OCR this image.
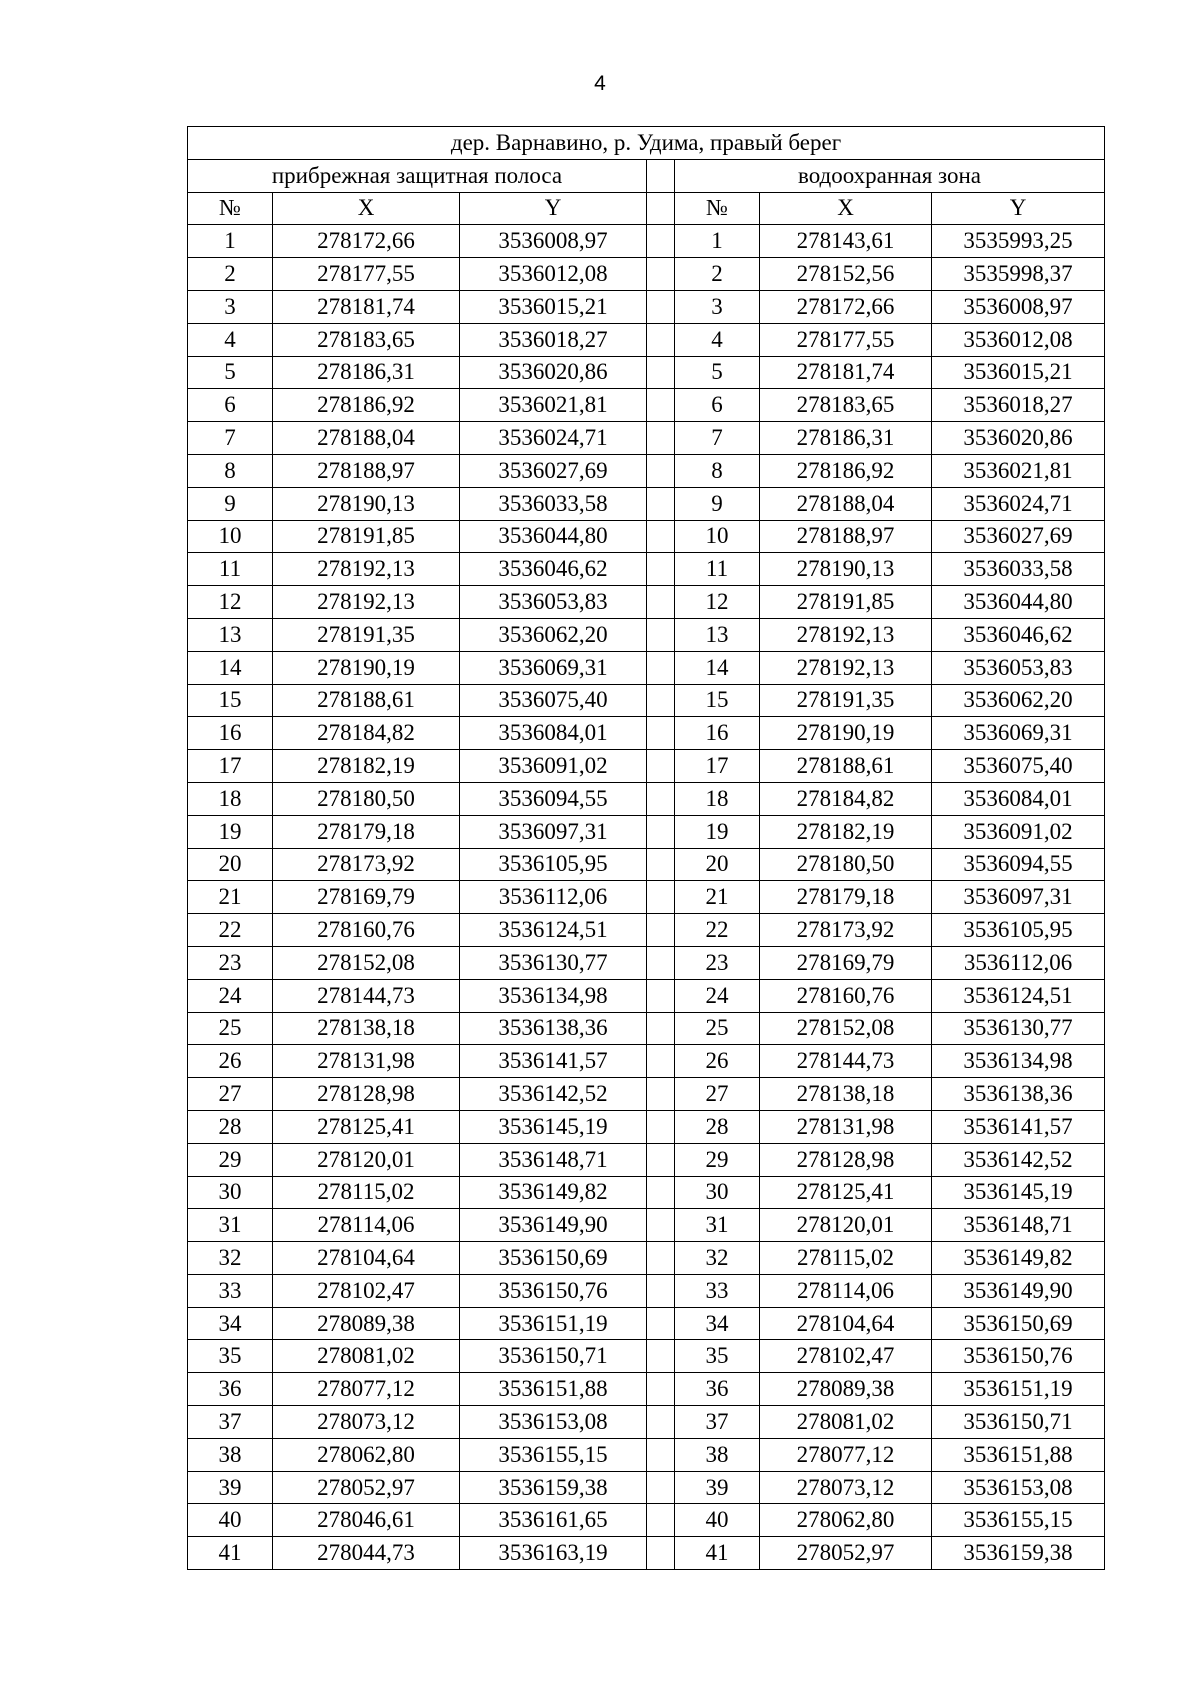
4
дер. Варнавино, р. Удима, правый берег						
прибрежная защитная полоса				водоохранная зона		
№	X	Y		№	X	Y
1	278172,66	3536008,97		1	278143,61	3535993,25
2	278177,55	3536012,08		2	278152,56	3535998,37
3	278181,74	3536015,21		3	278172,66	3536008,97
4	278183,65	3536018,27		4	278177,55	3536012,08
5	278186,31	3536020,86		5	278181,74	3536015,21
6	278186,92	3536021,81		6	278183,65	3536018,27
7	278188,04	3536024,71		7	278186,31	3536020,86
8	278188,97	3536027,69		8	278186,92	3536021,81
9	278190,13	3536033,58		9	278188,04	3536024,71
10	278191,85	3536044,80		10	278188,97	3536027,69
11	278192,13	3536046,62		11	278190,13	3536033,58
12	278192,13	3536053,83		12	278191,85	3536044,80
13	278191,35	3536062,20		13	278192,13	3536046,62
14	278190,19	3536069,31		14	278192,13	3536053,83
15	278188,61	3536075,40		15	278191,35	3536062,20
16	278184,82	3536084,01		16	278190,19	3536069,31
17	278182,19	3536091,02		17	278188,61	3536075,40
18	278180,50	3536094,55		18	278184,82	3536084,01
19	278179,18	3536097,31		19	278182,19	3536091,02
20	278173,92	3536105,95		20	278180,50	3536094,55
21	278169,79	3536112,06		21	278179,18	3536097,31
22	278160,76	3536124,51		22	278173,92	3536105,95
23	278152,08	3536130,77		23	278169,79	3536112,06
24	278144,73	3536134,98		24	278160,76	3536124,51
25	278138,18	3536138,36		25	278152,08	3536130,77
26	278131,98	3536141,57		26	278144,73	3536134,98
27	278128,98	3536142,52		27	278138,18	3536138,36
28	278125,41	3536145,19		28	278131,98	3536141,57
29	278120,01	3536148,71		29	278128,98	3536142,52
30	278115,02	3536149,82		30	278125,41	3536145,19
31	278114,06	3536149,90		31	278120,01	3536148,71
32	278104,64	3536150,69		32	278115,02	3536149,82
33	278102,47	3536150,76		33	278114,06	3536149,90
34	278089,38	3536151,19		34	278104,64	3536150,69
35	278081,02	3536150,71		35	278102,47	3536150,76
36	278077,12	3536151,88		36	278089,38	3536151,19
37	278073,12	3536153,08		37	278081,02	3536150,71
38	278062,80	3536155,15		38	278077,12	3536151,88
39	278052,97	3536159,38		39	278073,12	3536153,08
40	278046,61	3536161,65		40	278062,80	3536155,15
41	278044,73	3536163,19		41	278052,97	3536159,38
